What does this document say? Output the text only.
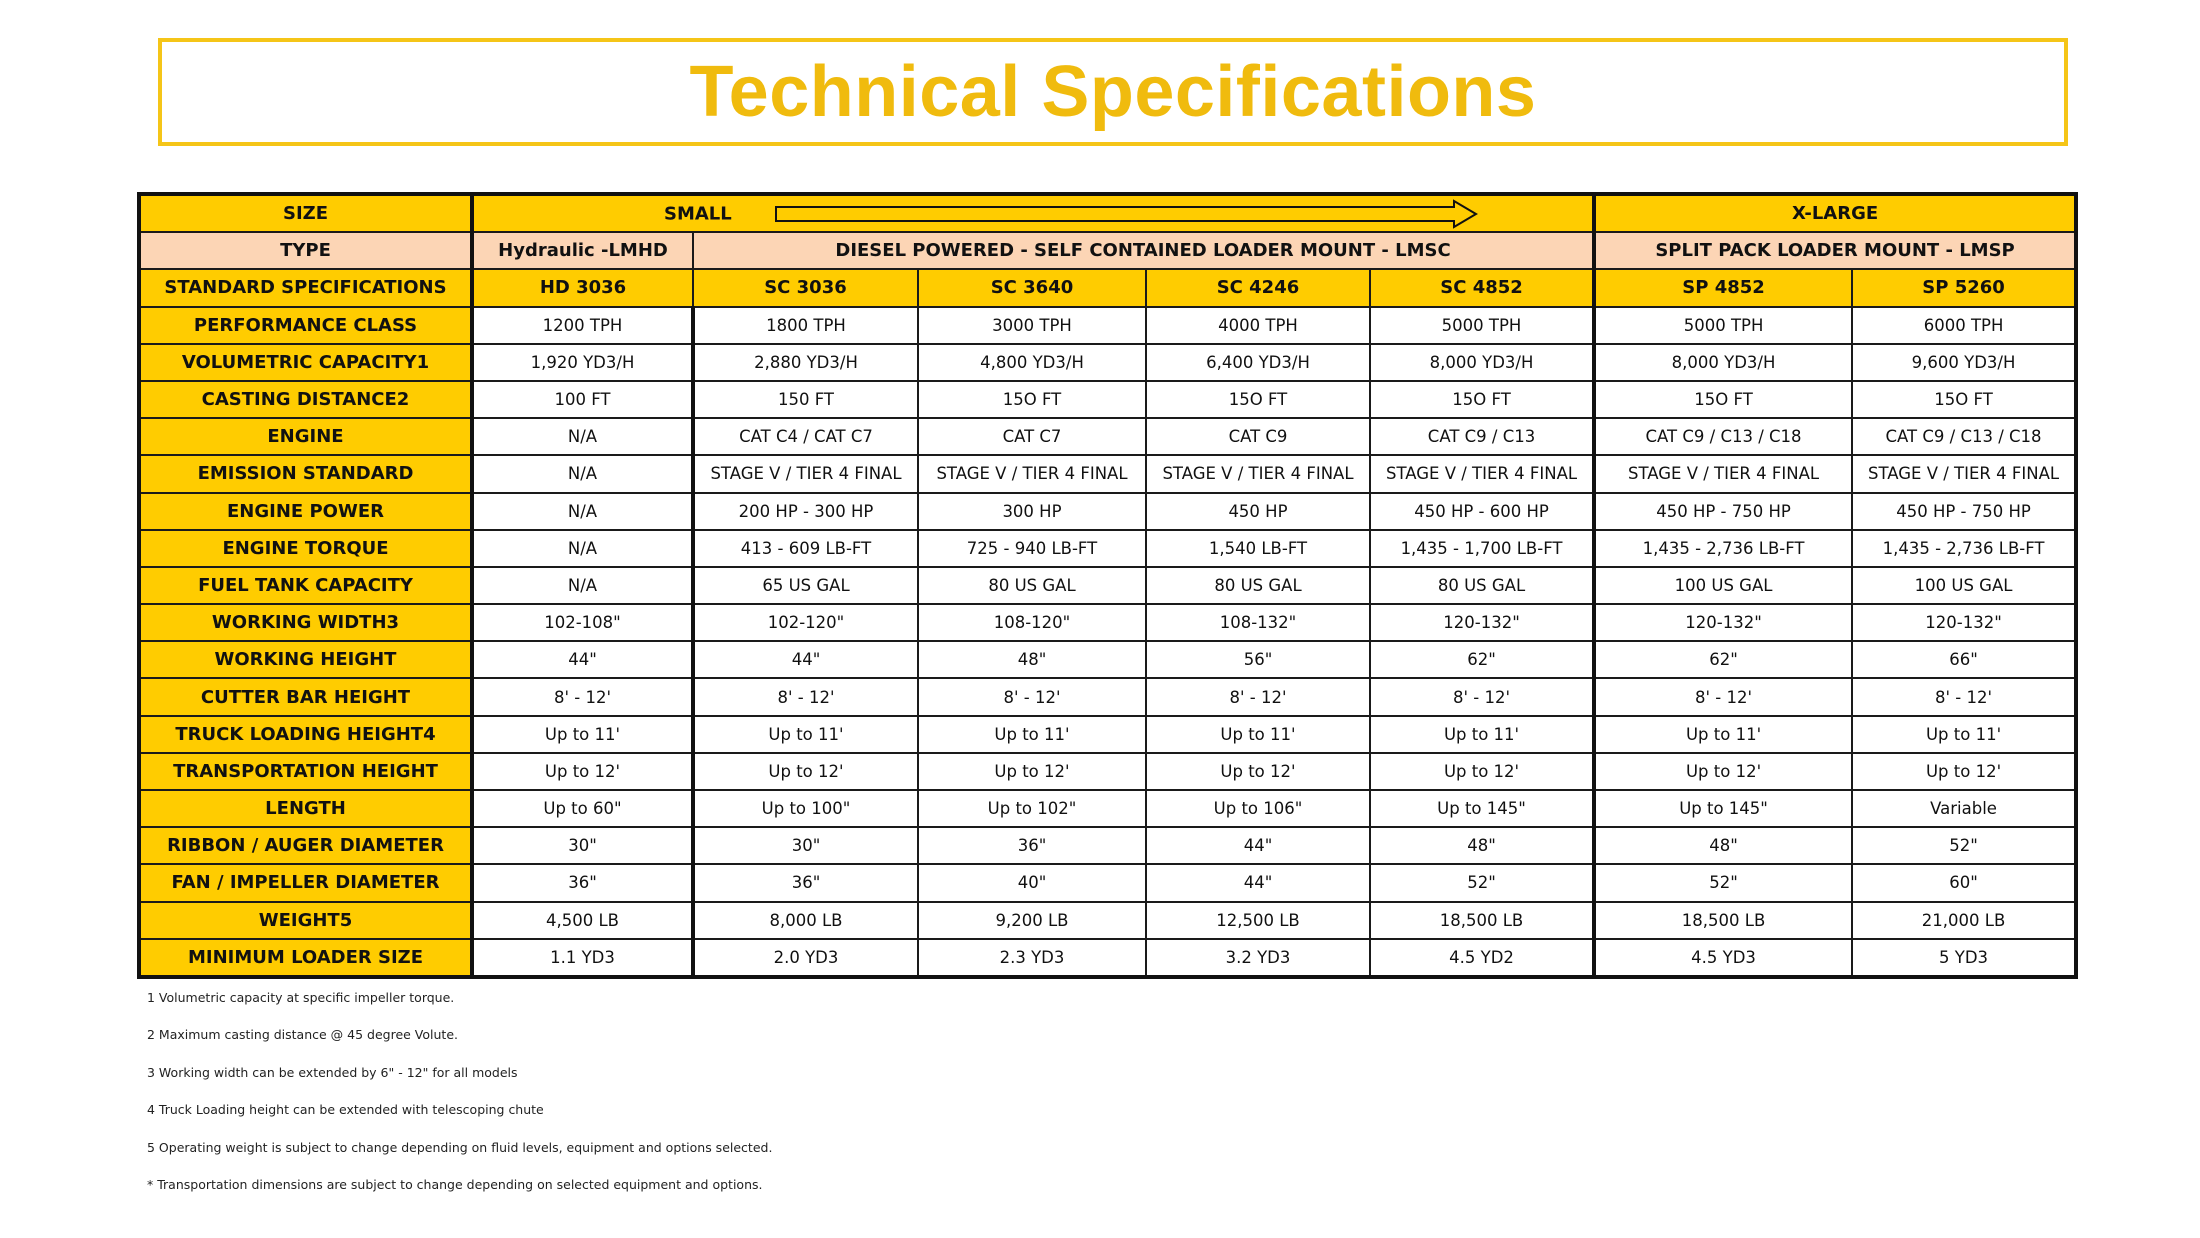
Technical Specifications
SIZE	SMALL					X-LARGE	
TYPE	Hydraulic -LMHD	DIESEL POWERED - SELF CONTAINED LOADER MOUNT - LMSC				SPLIT PACK LOADER MOUNT - LMSP	
STANDARD SPECIFICATIONS	HD 3036	SC 3036	SC 3640	SC 4246	SC 4852	SP 4852	SP 5260
PERFORMANCE CLASS	1200 TPH	1800 TPH	3000 TPH	4000 TPH	5000 TPH	5000 TPH	6000 TPH
VOLUMETRIC CAPACITY1	1,920 YD3/H	2,880 YD3/H	4,800 YD3/H	6,400 YD3/H	8,000 YD3/H	8,000 YD3/H	9,600 YD3/H
CASTING DISTANCE2	100 FT	150 FT	15O FT	15O FT	15O FT	15O FT	15O FT
ENGINE	N/A	CAT C4 / CAT C7	CAT C7	CAT C9	CAT C9 / C13	CAT C9 / C13 / C18	CAT C9 / C13 / C18
EMISSION STANDARD	N/A	STAGE V / TIER 4 FINAL	STAGE V / TIER 4 FINAL	STAGE V / TIER 4 FINAL	STAGE V / TIER 4 FINAL	STAGE V / TIER 4 FINAL	STAGE V / TIER 4 FINAL
ENGINE POWER	N/A	200 HP - 300 HP	300 HP	450 HP	450 HP - 600 HP	450 HP - 750 HP	450 HP - 750 HP
ENGINE TORQUE	N/A	413 - 609 LB-FT	725 - 940 LB-FT	1,540 LB-FT	1,435 - 1,700 LB-FT	1,435 - 2,736 LB-FT	1,435 - 2,736 LB-FT
FUEL TANK CAPACITY	N/A	65 US GAL	80 US GAL	80 US GAL	80 US GAL	100 US GAL	100 US GAL
WORKING WIDTH3	102-108"	102-120"	108-120"	108-132"	120-132"	120-132"	120-132"
WORKING HEIGHT	44"	44"	48"	56"	62"	62"	66"
CUTTER BAR HEIGHT	8' - 12'	8' - 12'	8' - 12'	8' - 12'	8' - 12'	8' - 12'	8' - 12'
TRUCK LOADING HEIGHT4	Up to 11'	Up to 11'	Up to 11'	Up to 11'	Up to 11'	Up to 11'	Up to 11'
TRANSPORTATION HEIGHT	Up to 12'	Up to 12'	Up to 12'	Up to 12'	Up to 12'	Up to 12'	Up to 12'
LENGTH	Up to 60"	Up to 100"	Up to 102"	Up to 106"	Up to 145"	Up to 145"	Variable
RIBBON / AUGER DIAMETER	30"	30"	36"	44"	48"	48"	52"
FAN / IMPELLER DIAMETER	36"	36"	40"	44"	52"	52"	60"
WEIGHT5	4,500 LB	8,000 LB	9,200 LB	12,500 LB	18,500 LB	18,500 LB	21,000 LB
MINIMUM LOADER SIZE	1.1 YD3	2.0 YD3	2.3 YD3	3.2 YD3	4.5 YD2	4.5 YD3	5 YD3
1 Volumetric capacity at specific impeller torque.
2 Maximum casting distance @ 45 degree Volute.
3 Working width can be extended by 6" - 12" for all models
4 Truck Loading height can be extended with telescoping chute
5 Operating weight is subject to change depending on fluid levels, equipment and options selected.
* Transportation dimensions are subject to change depending on selected equipment and options.
